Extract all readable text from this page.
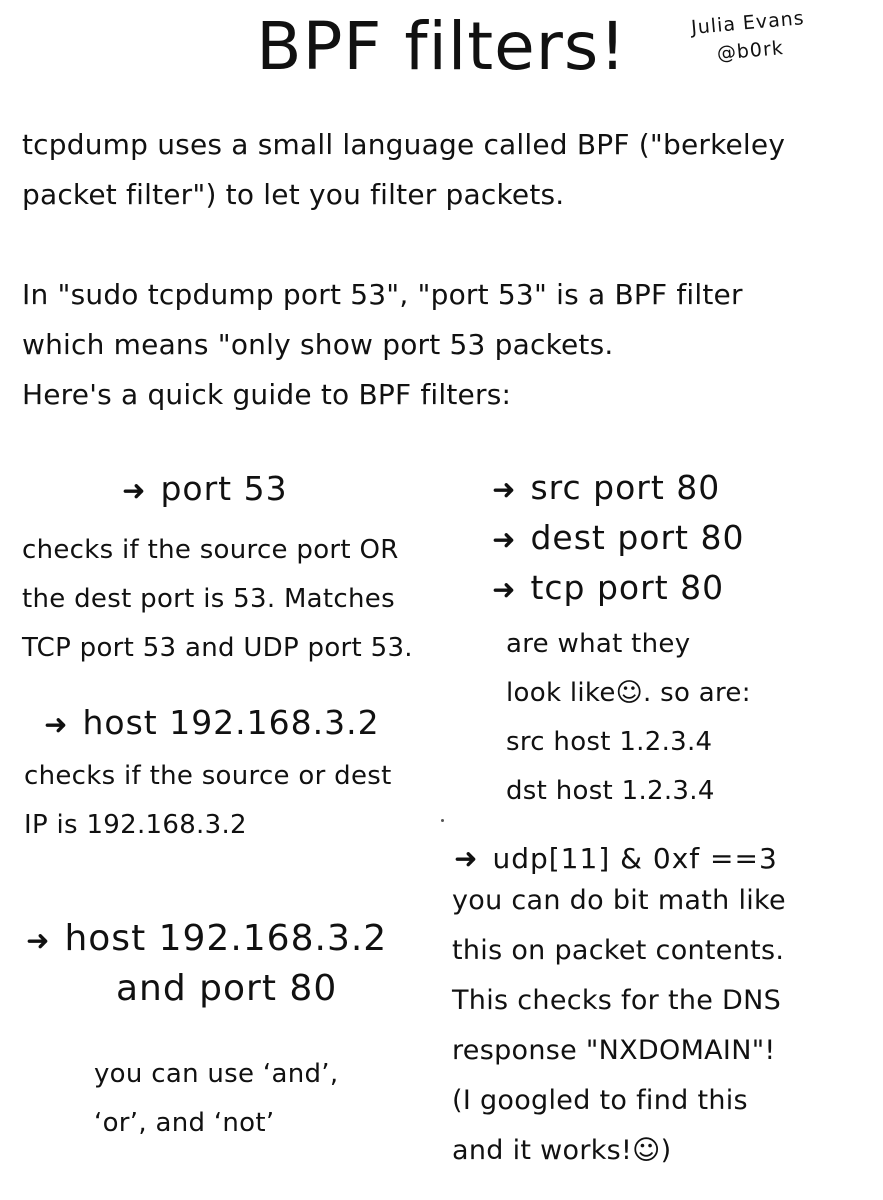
BPF filters!	Julia Evans
@b0rk
tcpdump uses a small language called BPF ("berkeley
packet filter") to let you filter packets.
In "sudo tcpdump port 53", "port 53" is a BPF filter
which means "only show port 53 packets.
Here's a quick guide to BPF filters:
➜ port 53
checks if the source port OR
the dest port is 53. Matches
TCP port 53 and UDP port 53.
➜ host 192.168.3.2
checks if the source or dest
IP is 192.168.3.2
➜ host 192.168.3.2
and port 80
you can use ‘and’,
‘or’, and ‘not’
➜ src port 80
➜ dest port 80
➜ tcp port 80
are what they
look like☺. so are:
src host 1.2.3.4
dst host 1.2.3.4
➜ udp[11] & 0xf ==3
you can do bit math like
this on packet contents.
This checks for the DNS
response "NXDOMAIN"!
(I googled to find this
and it works!☺)
